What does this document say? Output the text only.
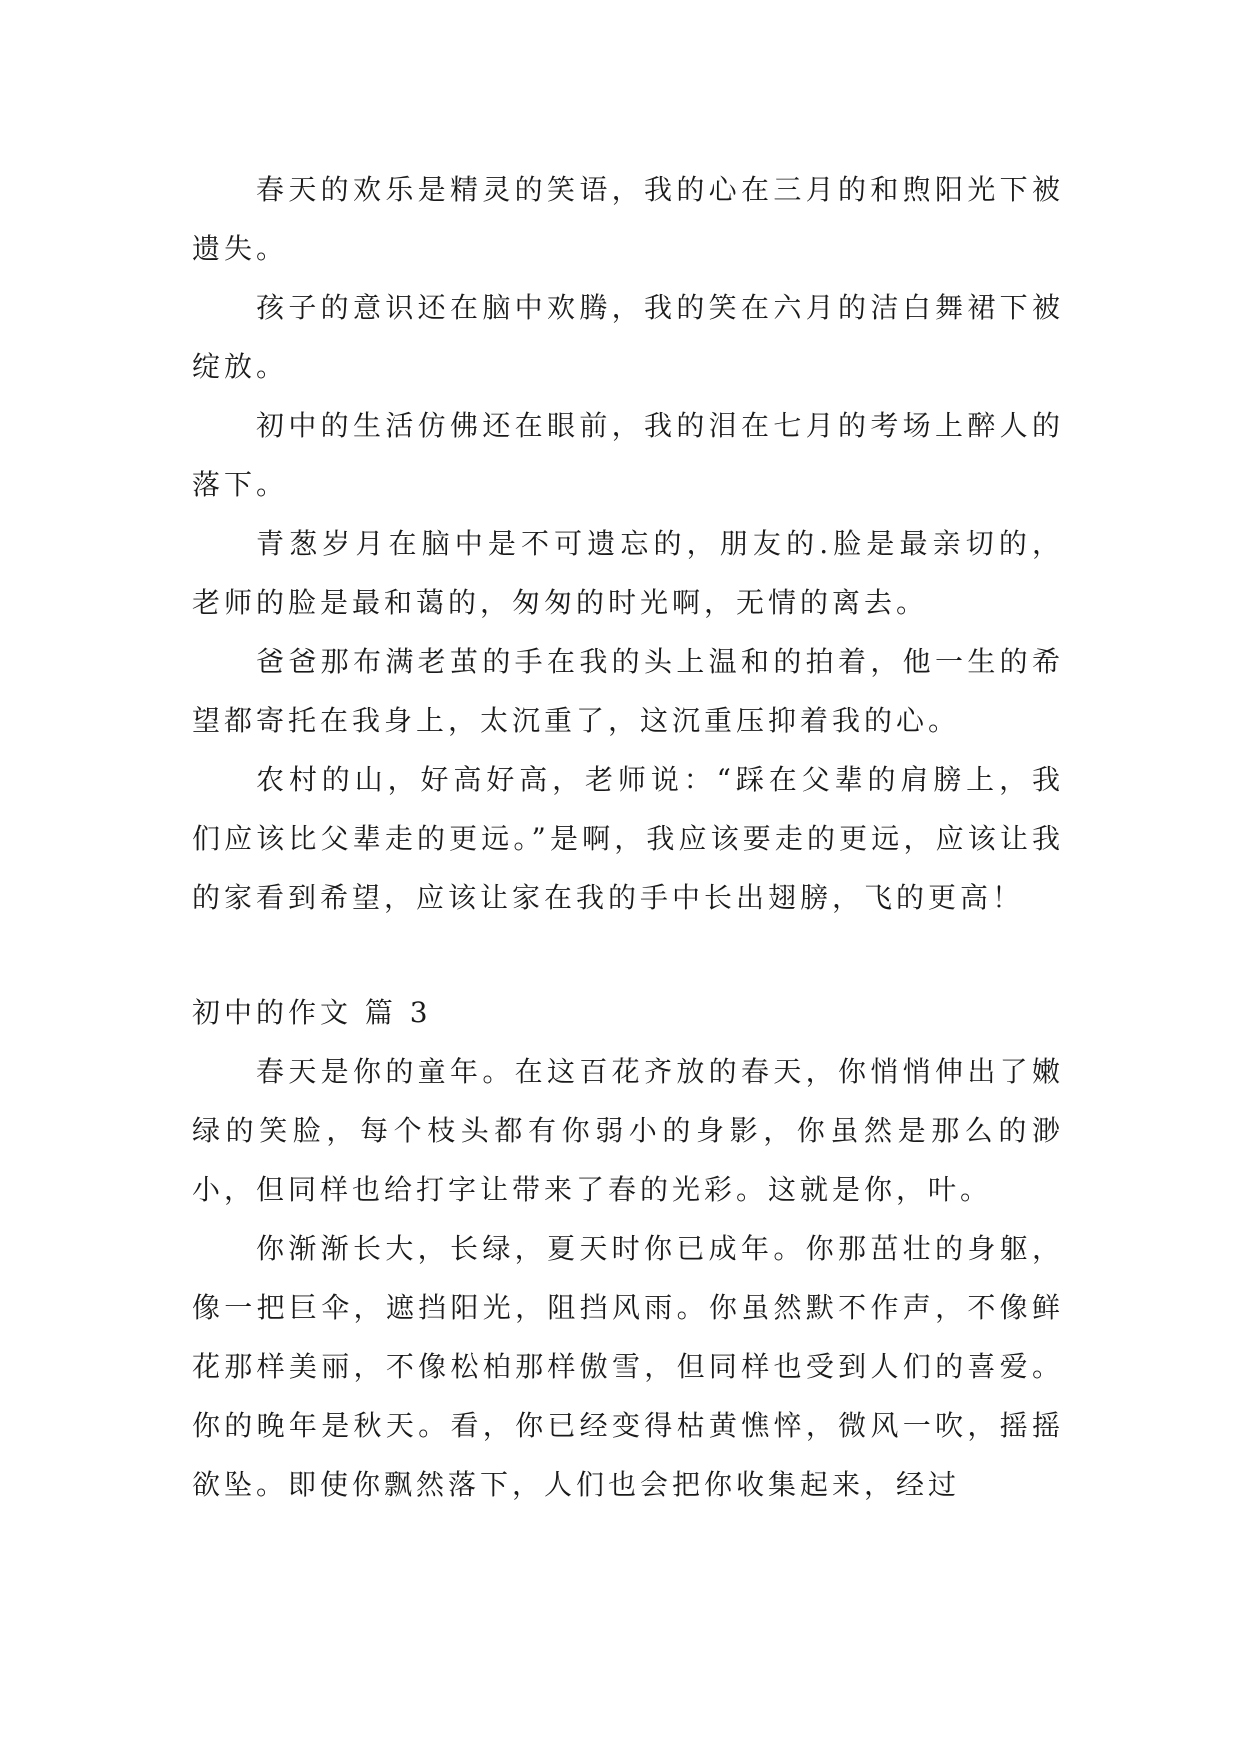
春天的欢乐是精灵的笑语，我的心在三月的和煦阳光下被遗失。

孩子的意识还在脑中欢腾，我的笑在六月的洁白舞裙下被绽放。

初中的生活仿佛还在眼前，我的泪在七月的考场上醉人的落下。

青葱岁月在脑中是不可遗忘的，朋友的.脸是最亲切的，老师的脸是最和蔼的，匆匆的时光啊，无情的离去。

爸爸那布满老茧的手在我的头上温和的拍着，他一生的希望都寄托在我身上，太沉重了，这沉重压抑着我的心。

农村的山，好高好高，老师说：“踩在父辈的肩膀上，我们应该比父辈走的更远。”是啊，我应该要走的更远，应该让我的家看到希望，应该让家在我的手中长出翅膀，飞的更高！

初中的作文 篇 3

春天是你的童年。在这百花齐放的春天，你悄悄伸出了嫩绿的笑脸，每个枝头都有你弱小的身影，你虽然是那么的渺小，但同样也给打字让带来了春的光彩。这就是你，叶。

你渐渐长大，长绿，夏天时你已成年。你那茁壮的身躯，像一把巨伞，遮挡阳光，阻挡风雨。你虽然默不作声，不像鲜花那样美丽，不像松柏那样傲雪，但同样也受到人们的喜爱。你的晚年是秋天。看，你已经变得枯黄憔悴，微风一吹，摇摇欲坠。即使你飘然落下，人们也会把你收集起来，经过
